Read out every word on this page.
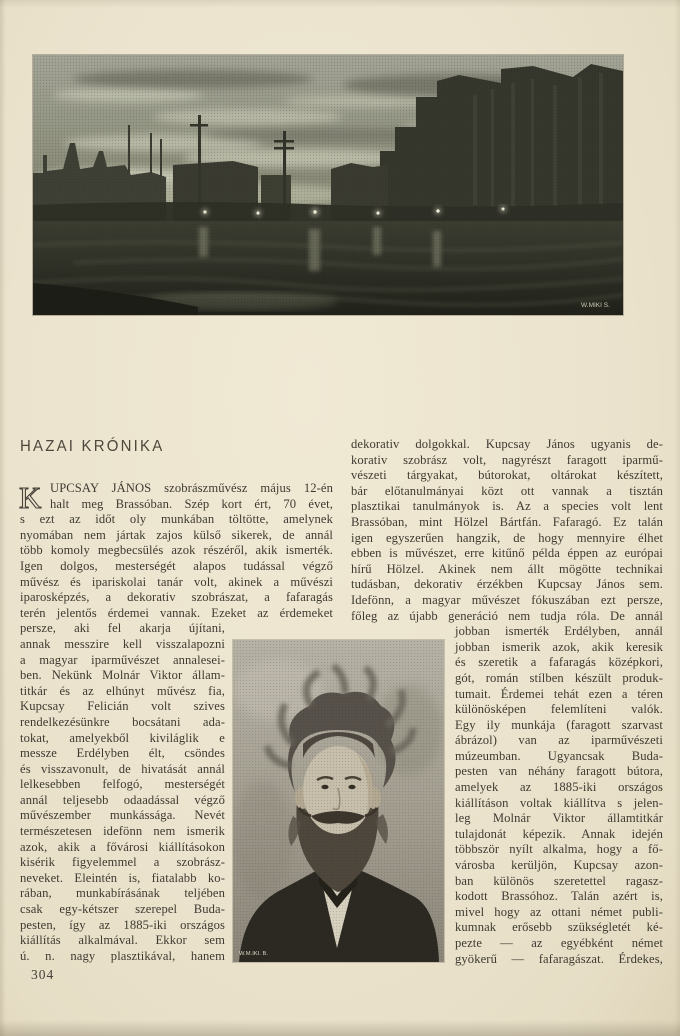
W.MIKI S.
HAZAI KRÓNIKA
K UPCSAY JÁNOS szobrászművész május 12-én
halt meg Brassóban. Szép kort ért, 70 évet,
s ezt az időt oly munkában töltötte, amelynek
nyomában nem jártak zajos külső sikerek, de annál
több komoly megbecsülés azok részéről, akik ismerték.
Igen dolgos, mesterségét alapos tudással végző
művész és ipariskolai tanár volt, akinek a művészi
iparosképzés, a dekorativ szobrászat, a fafaragás
terén jelentős érdemei vannak. Ezeket az érdemeket
persze, aki fel akarja újítani,
annak messzire kell visszalapozni
a magyar iparművészet annalesei-
ben. Nekünk Molnár Viktor állam-
titkár és az elhúnyt művész fia,
Kupcsay Felicián volt szives
rendelkezésünkre bocsátani ada-
tokat, amelyekből kiviláglik e
messze Erdélyben élt, csöndes
és visszavonult, de hivatását annál
lelkesebben felfogó, mesterségét
annál teljesebb odaadással végző
művészember munkássága. Nevét
természetesen idefönn nem ismerik
azok, akik a fővárosi kiállításokon
kisérik figyelemmel a szobrász-
neveket. Eleintén is, fiatalabb ko-
rában, munkabírásának teljében
csak egy-kétszer szerepel Buda-
pesten, így az 1885-iki országos
kiállítás alkalmával. Ekkor sem
ú. n. nagy plasztikával, hanem
dekorativ dolgokkal. Kupcsay János ugyanis de-
korativ szobrász volt, nagyrészt faragott iparmű-
vészeti tárgyakat, bútorokat, oltárokat készített,
bár előtanulmányai közt ott vannak a tisztán
plasztikai tanulmányok is. Az a species volt lent
Brassóban, mint Hölzel Bártfán. Fafaragó. Ez talán
igen egyszerűen hangzik, de hogy mennyire élhet
ebben is művészet, erre kitűnő példa éppen az európai
hírű Hölzel. Akinek nem állt mögötte technikai
tudásban, dekorativ érzékben Kupcsay János sem.
Idefönn, a magyar művészet fókuszában ezt persze,
főleg az újabb generáció nem tudja róla. De annál
jobban ismerték Erdélyben, annál
jobban ismerik azok, akik keresik
és szeretik a fafaragás középkori,
gót, román stílben készült produk-
tumait. Érdemei tehát ezen a téren
különösképen felemlíteni valók.
Egy ily munkája (faragott szarvast
ábrázol) van az iparművészeti
múzeumban. Ugyancsak Buda-
pesten van néhány faragott bútora,
amelyek az 1885-iki országos
kiállításon voltak kiállítva s jelen-
leg Molnár Viktor államtitkár
tulajdonát képezik. Annak idején
többször nyílt alkalma, hogy a fő-
városba kerüljön, Kupcsay azon-
ban különös szeretettel ragasz-
kodott Brassóhoz. Talán azért is,
mivel hogy az ottani német publi-
kumnak erősebb szükségletét ké-
pezte — az egyébként német
gyökerű — fafaragászat. Érdekes,
W.M.IKI. B.
304
